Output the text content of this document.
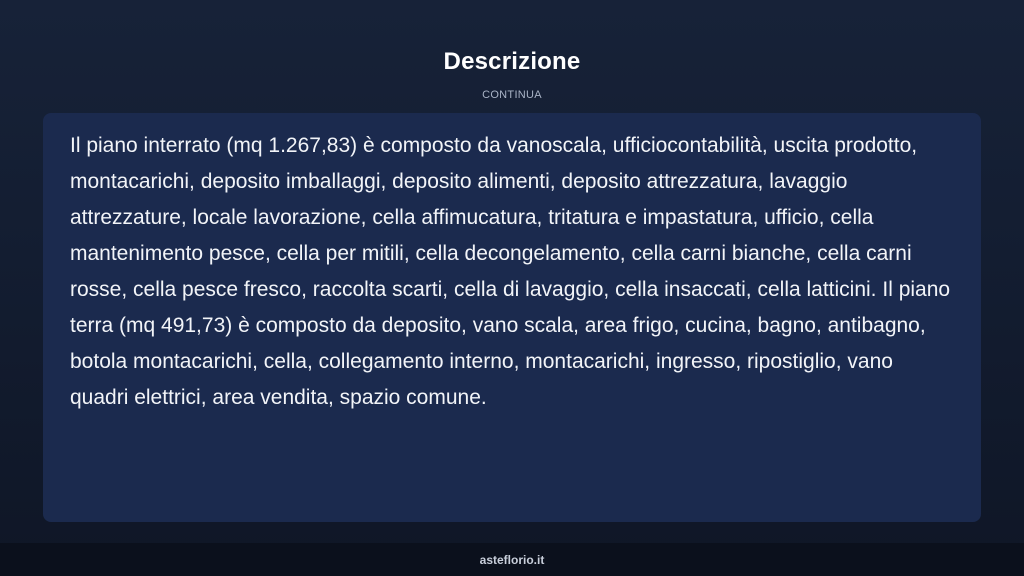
Descrizione
CONTINUA

Il piano interrato (mq 1.267,83) è composto da vanoscala, ufficiocontabilità, uscita prodotto, montacarichi, deposito imballaggi, deposito alimenti, deposito attrezzatura, lavaggio attrezzature, locale lavorazione, cella affimucatura, tritatura e impastatura, ufficio, cella mantenimento pesce, cella per mitili, cella decongelamento, cella carni bianche, cella carni rosse, cella pesce fresco, raccolta scarti, cella di lavaggio, cella insaccati, cella latticini. Il piano terra (mq 491,73) è composto da deposito, vano scala, area frigo, cucina, bagno, antibagno, botola montacarichi, cella, collegamento interno, montacarichi, ingresso, ripostiglio, vano quadri elettrici, area vendita, spazio comune.

asteflorio.it
